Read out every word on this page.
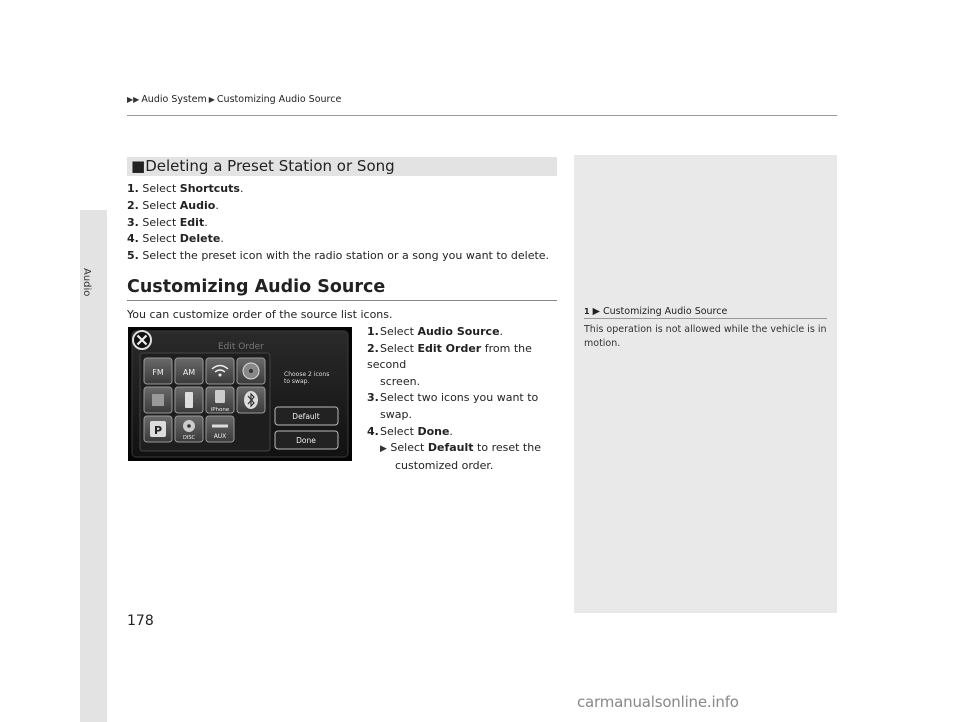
Audio
▶▶ Audio System ▶ Customizing Audio Source
■Deleting a Preset Station or Song
1. Select Shortcuts.
2. Select Audio.
3. Select Edit.
4. Select Delete.
5. Select the preset icon with the radio station or a song you want to delete.
Customizing Audio Source
You can customize order of the source list icons.
Edit Order
FM AM
iPhone
P
DISC	AUX
Choose 2 icons
to swap.
Default
Done
1.Select Audio Source.
2.Select Edit Order from the second
screen.
3.Select two icons you want to
swap.
4.Select Done.
▶ Select Default to reset the
customized order.
1 ▶ Customizing Audio Source
This operation is not allowed while the vehicle is in motion.
178
carmanualsonline.info
